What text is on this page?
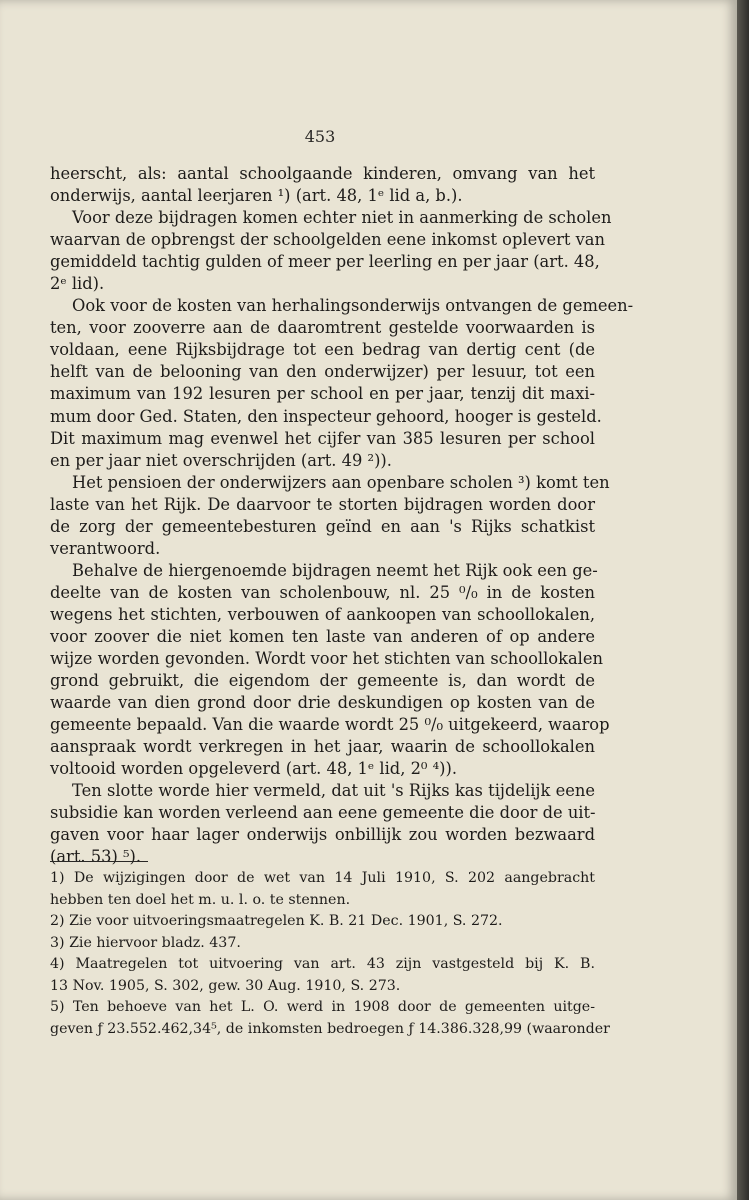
453
heerscht, als: aantal schoolgaande kinderen, omvang van het
onderwijs, aantal leerjaren ¹) (art. 48, 1ᵉ lid a, b.).
Voor deze bijdragen komen echter niet in aanmerking de scholen
waarvan de opbrengst der schoolgelden eene inkomst oplevert van
gemiddeld tachtig gulden of meer per leerling en per jaar (art. 48,
2ᵉ lid).
Ook voor de kosten van herhalingsonderwijs ontvangen de gemeen-
ten, voor zooverre aan de daaromtrent gestelde voorwaarden is
voldaan, eene Rijksbijdrage tot een bedrag van dertig cent (de
helft van de belooning van den onderwijzer) per lesuur, tot een
maximum van 192 lesuren per school en per jaar, tenzij dit maxi-
mum door Ged. Staten, den inspecteur gehoord, hooger is gesteld.
Dit maximum mag evenwel het cijfer van 385 lesuren per school
en per jaar niet overschrijden (art. 49 ²)).
Het pensioen der onderwijzers aan openbare scholen ³) komt ten
laste van het Rijk. De daarvoor te storten bijdragen worden door
de zorg der gemeentebesturen geïnd en aan 's Rijks schatkist
verantwoord.
Behalve de hiergenoemde bijdragen neemt het Rijk ook een ge-
deelte van de kosten van scholenbouw, nl. 25 ⁰/₀ in de kosten
wegens het stichten, verbouwen of aankoopen van schoollokalen,
voor zoover die niet komen ten laste van anderen of op andere
wijze worden gevonden. Wordt voor het stichten van schoollokalen
grond gebruikt, die eigendom der gemeente is, dan wordt de
waarde van dien grond door drie deskundigen op kosten van de
gemeente bepaald. Van die waarde wordt 25 ⁰/₀ uitgekeerd, waarop
aanspraak wordt verkregen in het jaar, waarin de schoollokalen
voltooid worden opgeleverd (art. 48, 1ᵉ lid, 2⁰ ⁴)).
Ten slotte worde hier vermeld, dat uit 's Rijks kas tijdelijk eene
subsidie kan worden verleend aan eene gemeente die door de uit-
gaven voor haar lager onderwijs onbillijk zou worden bezwaard
(art. 53) ⁵).
1) De wijzigingen door de wet van 14 Juli 1910, S. 202 aangebracht
hebben ten doel het m. u. l. o. te stennen.
2) Zie voor uitvoeringsmaatregelen K. B. 21 Dec. 1901, S. 272.
3) Zie hiervoor bladz. 437.
4) Maatregelen tot uitvoering van art. 43 zijn vastgesteld bij K. B.
13 Nov. 1905, S. 302, gew. 30 Aug. 1910, S. 273.
5) Ten behoeve van het L. O. werd in 1908 door de gemeenten uitge-
geven ƒ 23.552.462,34⁵, de inkomsten bedroegen ƒ 14.386.328,99 (waaronder
